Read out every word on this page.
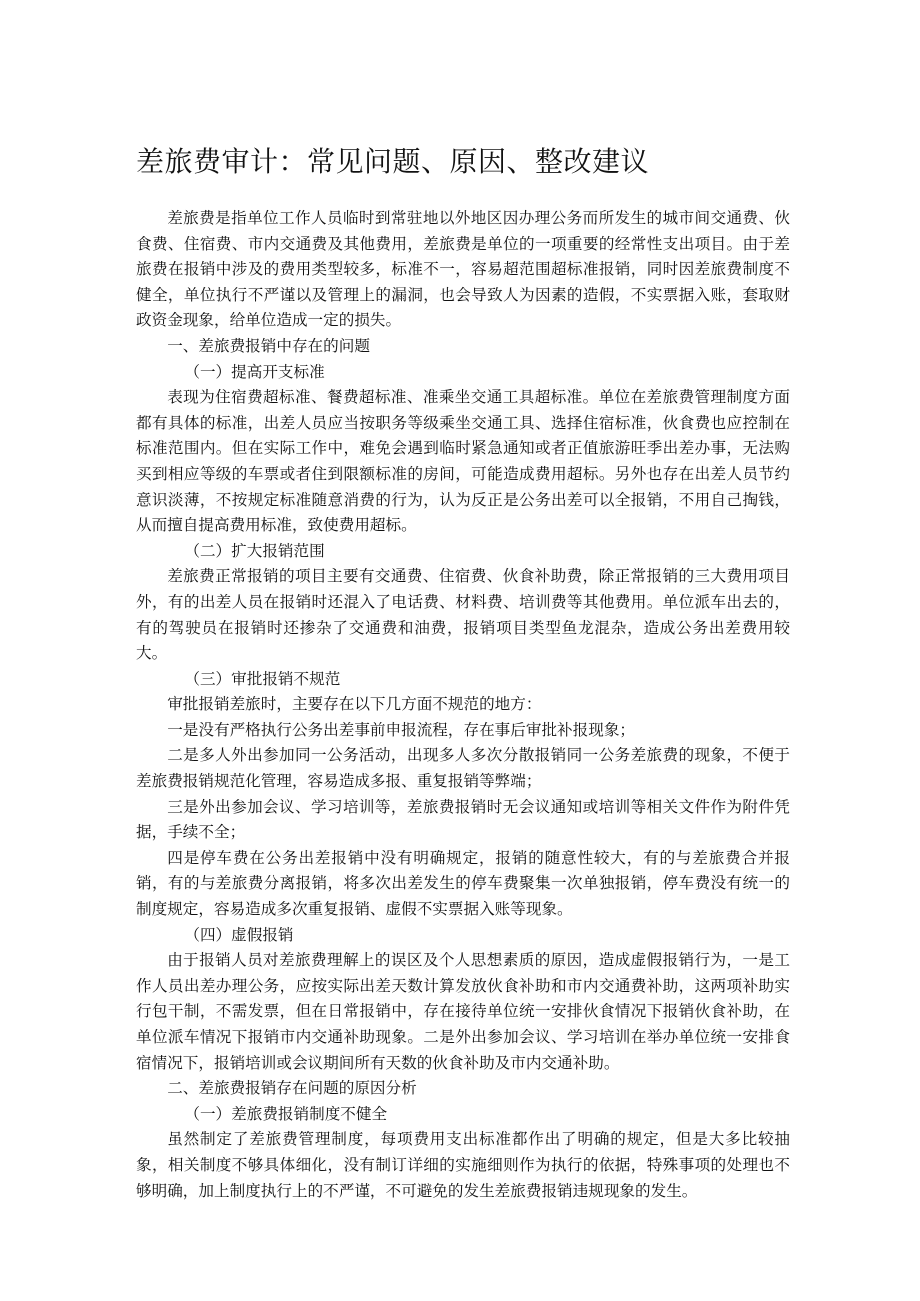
差旅费审计：常见问题、原因、整改建议

差旅费是指单位工作人员临时到常驻地以外地区因办理公务而所发生的城市间交通费、伙食费、住宿费、市内交通费及其他费用，差旅费是单位的一项重要的经常性支出项目。由于差旅费在报销中涉及的费用类型较多，标准不一，容易超范围超标准报销，同时因差旅费制度不健全，单位执行不严谨以及管理上的漏洞，也会导致人为因素的造假，不实票据入账，套取财政资金现象，给单位造成一定的损失。

一、差旅费报销中存在的问题

（一）提高开支标准

表现为住宿费超标准、餐费超标准、准乘坐交通工具超标准。单位在差旅费管理制度方面都有具体的标准，出差人员应当按职务等级乘坐交通工具、选择住宿标准，伙食费也应控制在标准范围内。但在实际工作中，难免会遇到临时紧急通知或者正值旅游旺季出差办事，无法购买到相应等级的车票或者住到限额标准的房间，可能造成费用超标。另外也存在出差人员节约意识淡薄，不按规定标准随意消费的行为，认为反正是公务出差可以全报销，不用自己掏钱，从而擅自提高费用标准，致使费用超标。

（二）扩大报销范围

差旅费正常报销的项目主要有交通费、住宿费、伙食补助费，除正常报销的三大费用项目外，有的出差人员在报销时还混入了电话费、材料费、培训费等其他费用。单位派车出去的，有的驾驶员在报销时还掺杂了交通费和油费，报销项目类型鱼龙混杂，造成公务出差费用较大。

（三）审批报销不规范

审批报销差旅时，主要存在以下几方面不规范的地方：

一是没有严格执行公务出差事前申报流程，存在事后审批补报现象；

二是多人外出参加同一公务活动，出现多人多次分散报销同一公务差旅费的现象，不便于差旅费报销规范化管理，容易造成多报、重复报销等弊端；

三是外出参加会议、学习培训等，差旅费报销时无会议通知或培训等相关文件作为附件凭据，手续不全；

四是停车费在公务出差报销中没有明确规定，报销的随意性较大，有的与差旅费合并报销，有的与差旅费分离报销，将多次出差发生的停车费聚集一次单独报销，停车费没有统一的制度规定，容易造成多次重复报销、虚假不实票据入账等现象。

（四）虚假报销

由于报销人员对差旅费理解上的误区及个人思想素质的原因，造成虚假报销行为，一是工作人员出差办理公务，应按实际出差天数计算发放伙食补助和市内交通费补助，这两项补助实行包干制，不需发票，但在日常报销中，存在接待单位统一安排伙食情况下报销伙食补助，在单位派车情况下报销市内交通补助现象。二是外出参加会议、学习培训在举办单位统一安排食宿情况下，报销培训或会议期间所有天数的伙食补助及市内交通补助。

二、差旅费报销存在问题的原因分析

（一）差旅费报销制度不健全

虽然制定了差旅费管理制度，每项费用支出标准都作出了明确的规定，但是大多比较抽象，相关制度不够具体细化，没有制订详细的实施细则作为执行的依据，特殊事项的处理也不够明确，加上制度执行上的不严谨，不可避免的发生差旅费报销违规现象的发生。
